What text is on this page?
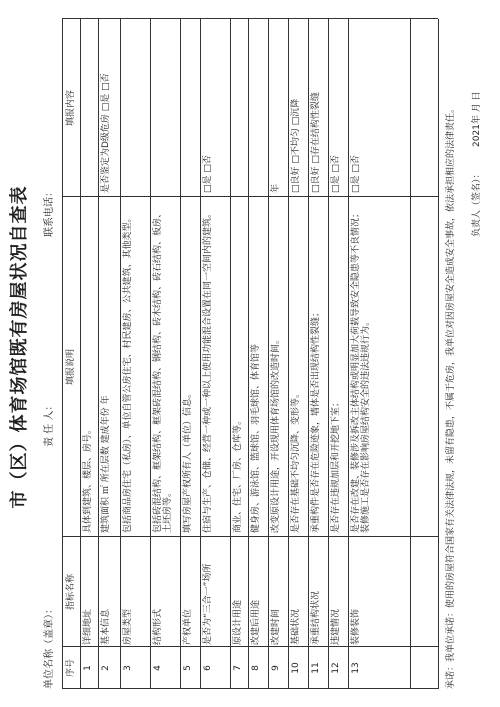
市（区）体育场馆既有房屋状况自查表
单位名称（盖章）：
责 任 人：
联系电话：
序号
指标名称
填报说明
填报内容
1
详细地址
具体到建筑、楼层、房号。
2
基本信息
建筑面积 ㎡ 所在层数 建成年份 年
是否鉴定为D级危房 □是 □否
3
房屋类型
包括商品房住宅（私房）、单位自管公房住宅、村民建房、公共建筑、其他类型。
4
结构形式
包括砖混结构、框架结构、框架砖混结构、钢结构、砖木结构、砖石结构、板房、土坯房等。
5
产权单位
填写房屋产权所有人（单位）信息。
6
是否为“三合一”场所
住宿与生产、仓储、经营一种或一种以上使用功能混合设置在同一空间内的建筑。
□是 □否
7
原设计用途
商业、住宅、厂房、仓库等。
8
改建后用途
健身房、游泳馆、篮球馆、羽毛球馆、体育馆等
9
改建时间
改变原设计用途，开设现用体育场馆的改造时间。
年
10
基础状况
是否存在基础不均匀沉降、变形等。
□良好 □不均匀 □沉降
11
承重结构状况
承重构件是否存在危险迹象，墙体是否出现结构性裂缝；
□良好 □存在结构性裂缝
12
违建情况
是否存在违规加层和开挖地下室；
□是 □否
13
装修装饰
是否存在改建、装修涉及拆改主体结构或明显加大荷载导致安全隐患等不良情况；装修施工是否存在影响房屋结构安全的违法违规行为。
□是 □否	承诺：我单位承诺：使用的房屋符合国家有关法律法规，未留有隐患，不属于危房，我单位对因房屋安全造成安全事故，依法承担相应的法律责任。 负责人（签名）：
2021年 月 日
